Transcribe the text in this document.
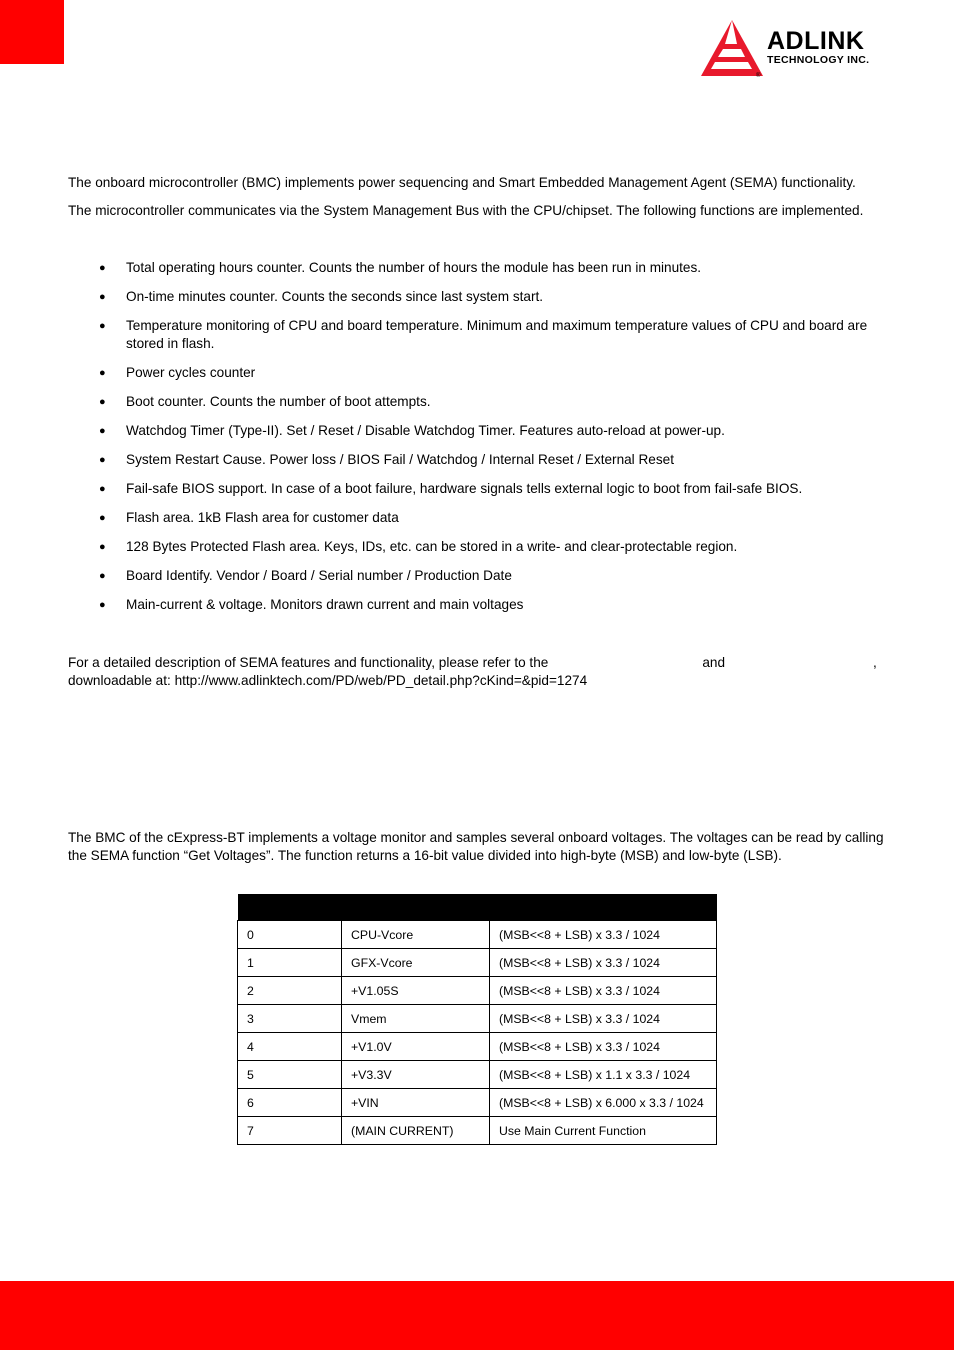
ADLINK
TECHNOLOGY INC.
®

The onboard microcontroller (BMC) implements power sequencing and Smart Embedded Management Agent (SEMA) functionality.

The microcontroller communicates via the System Management Bus with the CPU/chipset. The following functions are implemented.

● Total operating hours counter. Counts the number of hours the module has been run in minutes.
● On-time minutes counter. Counts the seconds since last system start.
● Temperature monitoring of CPU and board temperature. Minimum and maximum temperature values of CPU and board are stored in flash.
● Power cycles counter
● Boot counter. Counts the number of boot attempts.
● Watchdog Timer (Type-II). Set / Reset / Disable Watchdog Timer. Features auto-reload at power-up.
● System Restart Cause. Power loss / BIOS Fail / Watchdog / Internal Reset / External Reset
● Fail-safe BIOS support. In case of a boot failure, hardware signals tells external logic to boot from fail-safe BIOS.
● Flash area. 1kB Flash area for customer data
● 128 Bytes Protected Flash area. Keys, IDs, etc. can be stored in a write- and clear-protectable region.
● Board Identify. Vendor / Board / Serial number / Production Date
● Main-current & voltage. Monitors drawn current and main voltages

For a detailed description of SEMA features and functionality, please refer to the	and	,
downloadable at: http://www.adlinktech.com/PD/web/PD_detail.php?cKind=&pid=1274

The BMC of the cExpress-BT implements a voltage monitor and samples several onboard voltages. The voltages can be read by calling the SEMA function “Get Voltages”. The function returns a 16-bit value divided into high-byte (MSB) and low-byte (LSB).

0	CPU-Vcore	(MSB<<8 + LSB) x 3.3 / 1024
1	GFX-Vcore	(MSB<<8 + LSB) x 3.3 / 1024
2	+V1.05S	(MSB<<8 + LSB) x 3.3 / 1024
3	Vmem	(MSB<<8 + LSB) x 3.3 / 1024
4	+V1.0V	(MSB<<8 + LSB) x 3.3 / 1024
5	+V3.3V	(MSB<<8 + LSB) x 1.1 x 3.3 / 1024
6	+VIN	(MSB<<8 + LSB) x 6.000 x 3.3 / 1024
7	(MAIN CURRENT)	Use Main Current Function
